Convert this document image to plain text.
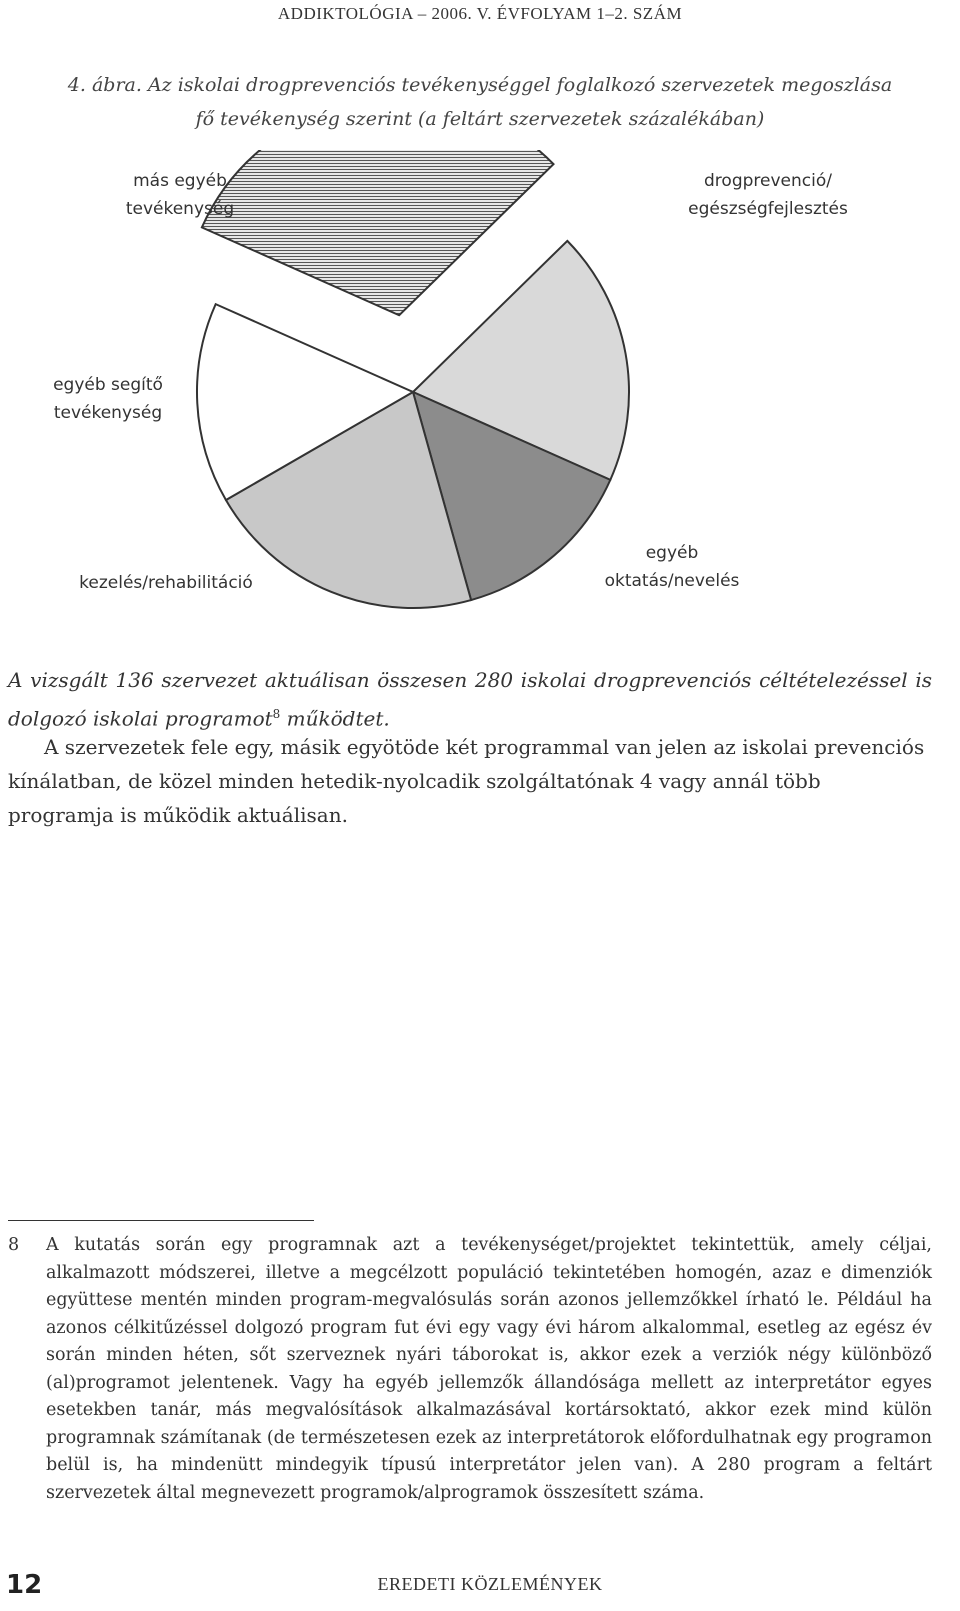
ADDIKTOLÓGIA – 2006. V. ÉVFOLYAM 1–2. SZÁM
4. ábra. Az iskolai drogprevenciós tevékenységgel foglalkozó szervezetek megoszlása
fő tevékenység szerint (a feltárt szervezetek százalékában)
drogprevenció/ egészségfejlesztés
egyéb oktatás/nevelés
kezelés/rehabilitáció
egyéb segítő tevékenység
más egyéb tevékenység
A vizsgált 136 szervezet aktuálisan összesen 280 iskolai drogprevenciós céltételezéssel is dolgozó iskolai programot$^8$ működtet.
A szervezetek fele egy, másik egyötöde két programmal van jelen az iskolai prevenciós kínálatban, de közel minden hetedik-nyolcadik szolgáltatónak 4 vagy annál több programja is működik aktuálisan.
8 A kutatás során egy programnak azt a tevékenységet/projektet tekintettük, amely céljai, alkalmazott módszerei, illetve a megcélzott populáció tekintetében homogén, azaz e dimenziók együttese mentén minden program-megvalósulás során azonos jellemzőkkel írható le. Például ha azonos célkitűzéssel dolgozó program fut évi egy vagy évi három alkalommal, esetleg az egész év során minden héten, sőt szerveznek nyári táborokat is, akkor ezek a verziók négy különböző (al)programot jelentenek. Vagy ha egyéb jellemzők állandósága mellett az interpretátor egyes esetekben tanár, más megvalósítások alkalmazásával kortársoktató, akkor ezek mind külön programnak számítanak (de természetesen ezek az interpretátorok előfordulhatnak egy programon belül is, ha mindenütt mindegyik típusú interpretátor jelen van). A 280 program a feltárt szervezetek által megnevezett programok/alprogramok összesített száma.
12	EREDETI KÖZLEMÉNYEK
